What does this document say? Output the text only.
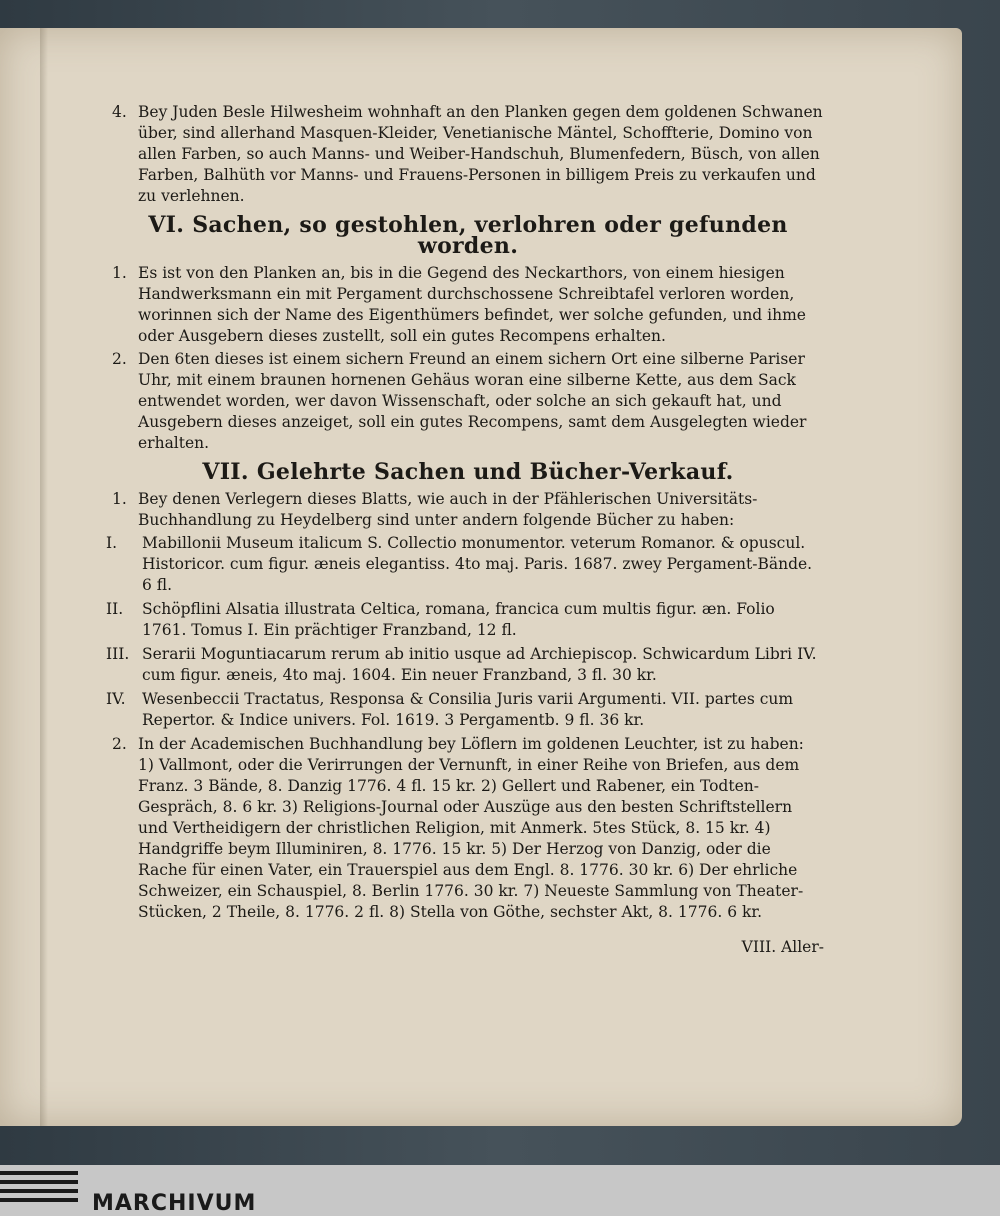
4. Bey Juden Besle Hilwesheim wohnhaft an den Planken gegen dem goldenen Schwanen über, sind allerhand Masquen-Kleider, Venetianische Mäntel, Schoffterie, Domino von allen Farben, so auch Manns- und Weiber-Handschuh, Blumenfedern, Büsch, von allen Farben, Balhüth vor Manns- und Frauens-Personen in billigem Preis zu verkaufen und zu verlehnen.

VI. Sachen, so gestohlen, verlohren oder gefunden worden.

1. Es ist von den Planken an, bis in die Gegend des Neckarthors, von einem hiesigen Handwerksmann ein mit Pergament durchschossene Schreibtafel verloren worden, worinnen sich der Name des Eigenthümers befindet, wer solche gefunden, und ihme oder Ausgebern dieses zustellt, soll ein gutes Recompens erhalten.

2. Den 6ten dieses ist einem sichern Freund an einem sichern Ort eine silberne Pariser Uhr, mit einem braunen hornenen Gehäus woran eine silberne Kette, aus dem Sack entwendet worden, wer davon Wissenschaft, oder solche an sich gekauft hat, und Ausgebern dieses anzeiget, soll ein gutes Recompens, samt dem Ausgelegten wieder erhalten.

VII. Gelehrte Sachen und Bücher-Verkauf.

1. Bey denen Verlegern dieses Blatts, wie auch in der Pfählerischen Universitäts-Buchhandlung zu Heydelberg sind unter andern folgende Bücher zu haben:

I. Mabillonii Museum italicum S. Collectio monumentor. veterum Romanor. & opuscul. Historicor. cum figur. æneis elegantiss. 4to maj. Paris. 1687. zwey Pergament-Bände. 6 fl.

II. Schöpflini Alsatia illustrata Celtica, romana, francica cum multis figur. æn. Folio 1761. Tomus I. Ein prächtiger Franzband, 12 fl.

III. Serarii Moguntiacarum rerum ab initio usque ad Archiepiscop. Schwicardum Libri IV. cum figur. æneis, 4to maj. 1604. Ein neuer Franzband, 3 fl. 30 kr.

IV. Wesenbeccii Tractatus, Responsa & Consilia Juris varii Argumenti. VII. partes cum Repertor. & Indice univers. Fol. 1619. 3 Pergamentb. 9 fl. 36 kr.

2. In der Academischen Buchhandlung bey Löflern im goldenen Leuchter, ist zu haben: 1) Vallmont, oder die Verirrungen der Vernunft, in einer Reihe von Briefen, aus dem Franz. 3 Bände, 8. Danzig 1776. 4 fl. 15 kr. 2) Gellert und Rabener, ein Todten-Gespräch, 8. 6 kr. 3) Religions-Journal oder Auszüge aus den besten Schriftstellern und Vertheidigern der christlichen Religion, mit Anmerk. 5tes Stück, 8. 15 kr. 4) Handgriffe beym Illuminiren, 8. 1776. 15 kr. 5) Der Herzog von Danzig, oder die Rache für einen Vater, ein Trauerspiel aus dem Engl. 8. 1776. 30 kr. 6) Der ehrliche Schweizer, ein Schauspiel, 8. Berlin 1776. 30 kr. 7) Neueste Sammlung von Theater-Stücken, 2 Theile, 8. 1776. 2 fl. 8) Stella von Göthe, sechster Akt, 8. 1776. 6 kr.

VIII. Aller-

MARCHIVUM
